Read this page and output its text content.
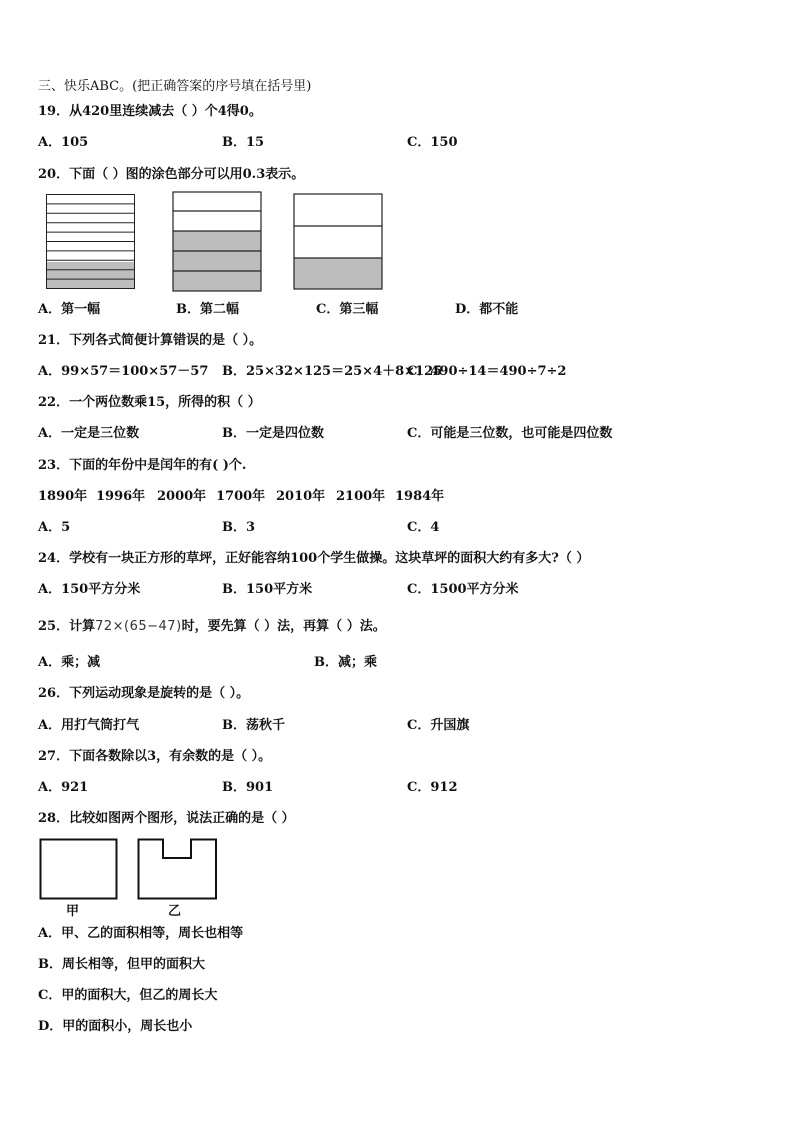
三、快乐ABC。(把正确答案的序号填在括号里)
19．从420里连续减去（ ）个4得0。
A．105	B．15	C．150
20．下面（ ）图的涂色部分可以用0.3表示。
A．第一幅	B．第二幅	C．第三幅	D．都不能
21．下列各式简便计算错误的是（ ）。
A．99×57＝100×57－57 B．25×32×125＝25×4＋8×125
C．490÷14＝490÷7÷2
22．一个两位数乘15，所得的积（ ）
A．一定是三位数	B．一定是四位数	C．可能是三位数，也可能是四位数
23．下面的年份中是闰年的有( )个.
1890年 1996年 2000年 1700年 2010年 2100年 1984年
A．5	B．3	C．4
24．学校有一块正方形的草坪，正好能容纳100个学生做操。这块草坪的面积大约有多大?（ ）
A．150平方分米	B．150平方米	C．1500平方分米
25．计算72×(65−47)时，要先算（ ）法，再算（ ）法。
A．乘；减	B．减；乘
26．下列运动现象是旋转的是（ ）。
A．用打气筒打气	B．荡秋千	C．升国旗
27．下面各数除以3，有余数的是（ ）。
A．921	B．901	C．912
28．比较如图两个图形，说法正确的是（ ）
甲	乙
A．甲、乙的面积相等，周长也相等
B．周长相等，但甲的面积大
C．甲的面积大，但乙的周长大
D．甲的面积小，周长也小
